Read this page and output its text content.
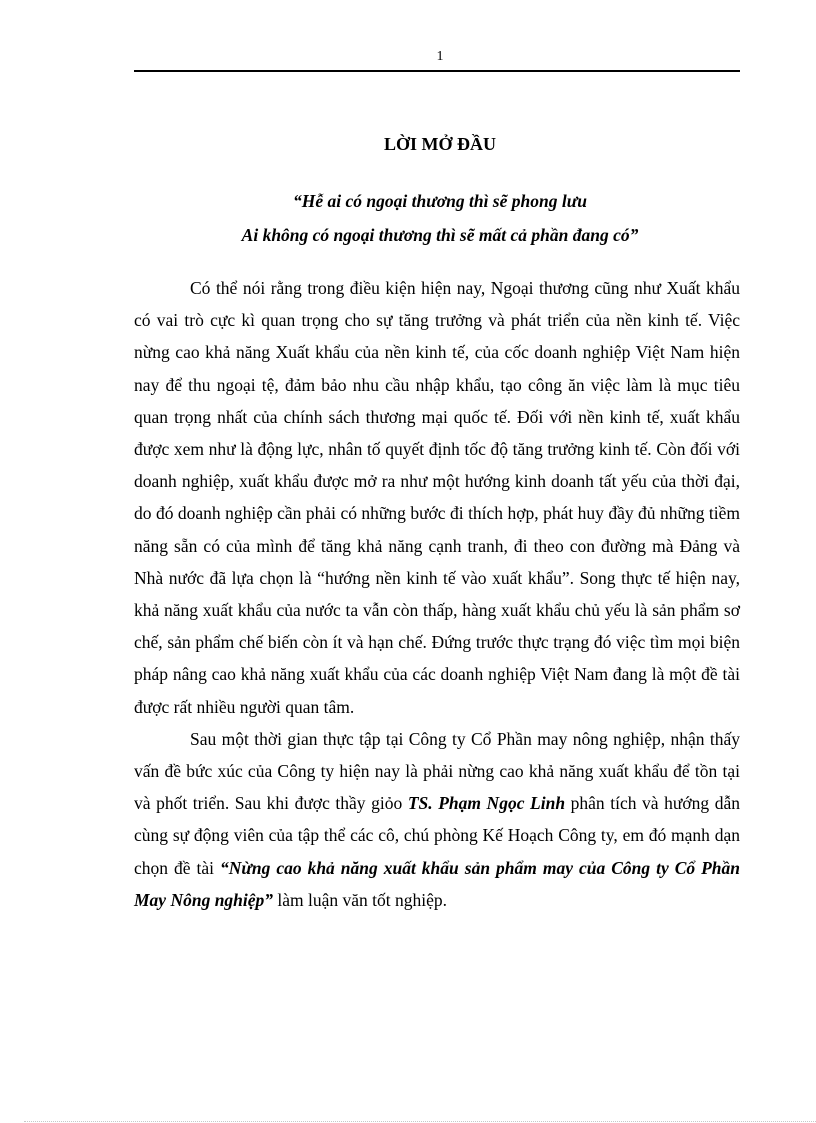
1
LỜI MỞ ĐẦU
“Hễ ai có ngoại thương thì sẽ phong lưu
Ai không có ngoại thương thì sẽ mất cả phần đang có”

Có thể nói rằng trong điều kiện hiện nay, Ngoại thương cũng như Xuất khẩu có vai trò cực kì quan trọng cho sự tăng trưởng và phát triển của nền kinh tế. Việc nừng cao khả năng Xuất khẩu của nền kinh tế, của cốc doanh nghiệp Việt Nam hiện nay để thu ngoại tệ, đảm bảo nhu cầu nhập khẩu, tạo công ăn việc làm là mục tiêu quan trọng nhất của chính sách thương mại quốc tế. Đối với nền kinh tế, xuất khẩu được xem như là động lực, nhân tố quyết định tốc độ tăng trưởng kinh tế. Còn đối với doanh nghiệp, xuất khẩu được mở ra như một hướng kinh doanh tất yếu của thời đại, do đó doanh nghiệp cần phải có những bước đi thích hợp, phát huy đầy đủ những tiềm năng sẵn có của mình để tăng khả năng cạnh tranh, đi theo con đường mà Đảng và Nhà nước đã lựa chọn là “hướng nền kinh tế vào xuất khẩu”. Song thực tế hiện nay, khả năng xuất khẩu của nước ta vẫn còn thấp, hàng xuất khẩu chủ yếu là sản phẩm sơ chế, sản phẩm chế biến còn ít và hạn chế. Đứng trước thực trạng đó việc tìm mọi biện pháp nâng cao khả năng xuất khẩu của các doanh nghiệp Việt Nam đang là một đề tài được rất nhiều người quan tâm.

Sau một thời gian thực tập tại Công ty Cổ Phần may nông nghiệp, nhận thấy vấn đề bức xúc của Công ty hiện nay là phải nừng cao khả năng xuất khẩu để tồn tại và phốt triển. Sau khi được thầy giỏo TS. Phạm Ngọc Linh phân tích và hướng dẫn cùng sự động viên của tập thể các cô, chú phòng Kế Hoạch Công ty, em đó mạnh dạn chọn đề tài “Nừng cao khả năng xuất khẩu sản phẩm may của Công ty Cổ Phần May Nông nghiệp” làm luận văn tốt nghiệp.
